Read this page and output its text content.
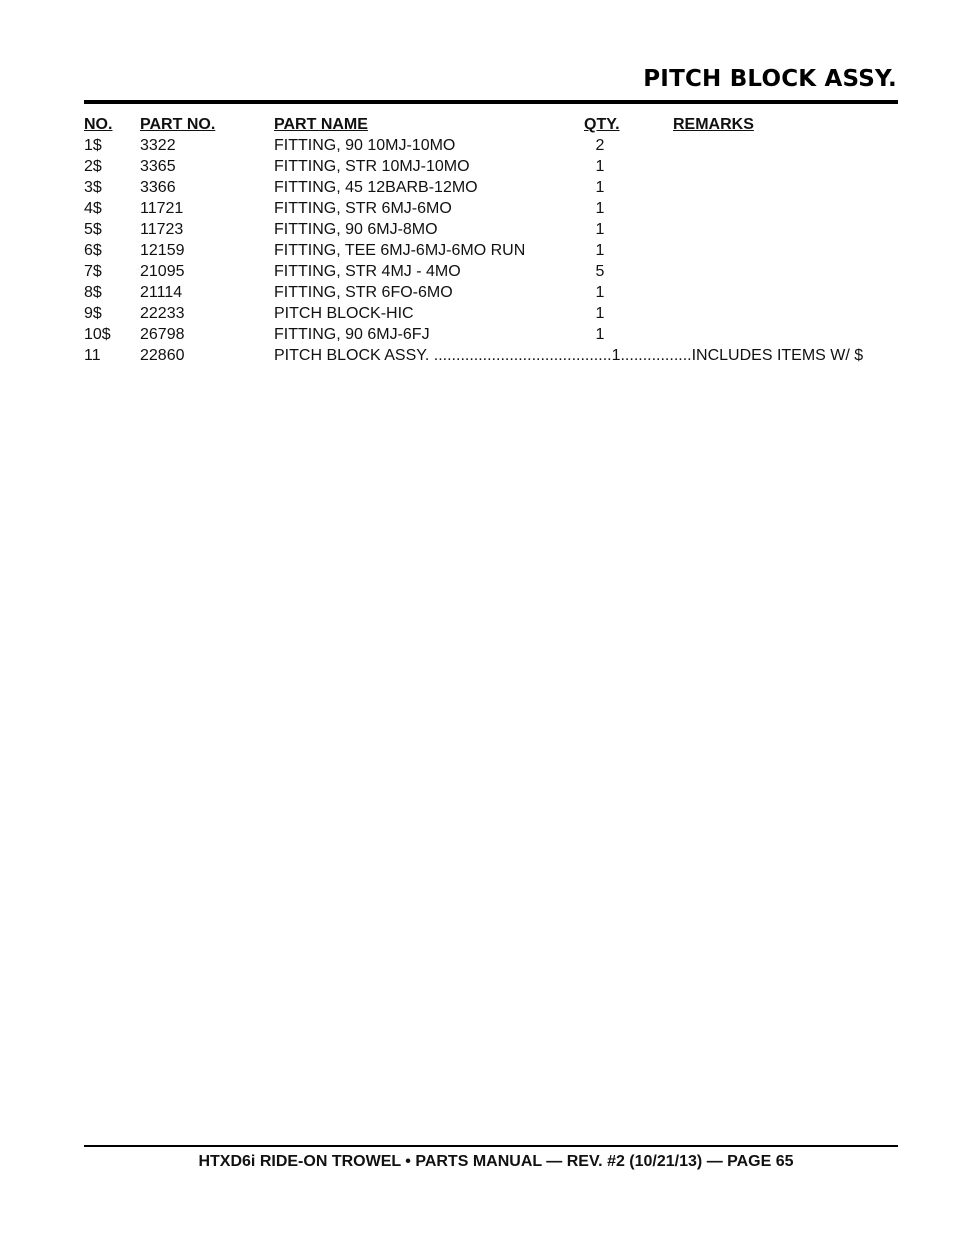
PITCH BLOCK ASSY.
NO. PART NO.	PART NAME	QTY.	REMARKS
1$ 3322	FITTING, 90 10MJ-10MO	2
2$ 3365	FITTING, STR 10MJ-10MO	1
3$ 3366	FITTING, 45 12BARB-12MO	1
4$ 11721	FITTING, STR 6MJ-6MO	1
5$ 11723	FITTING, 90 6MJ-8MO	1
6$ 12159	FITTING, TEE 6MJ-6MJ-6MO RUN	1
7$ 21095	FITTING, STR 4MJ - 4MO	5
8$ 21114	FITTING, STR 6FO-6MO	1
9$ 22233	PITCH BLOCK-HIC	1
10$ 26798	FITTING, 90 6MJ-6FJ	1
11 22860	PITCH BLOCK ASSY. ........................................1................INCLUDES ITEMS W/ $
HTXD6i RIDE-ON TROWEL • PARTS MANUAL — REV. #2 (10/21/13) — PAGE 65
